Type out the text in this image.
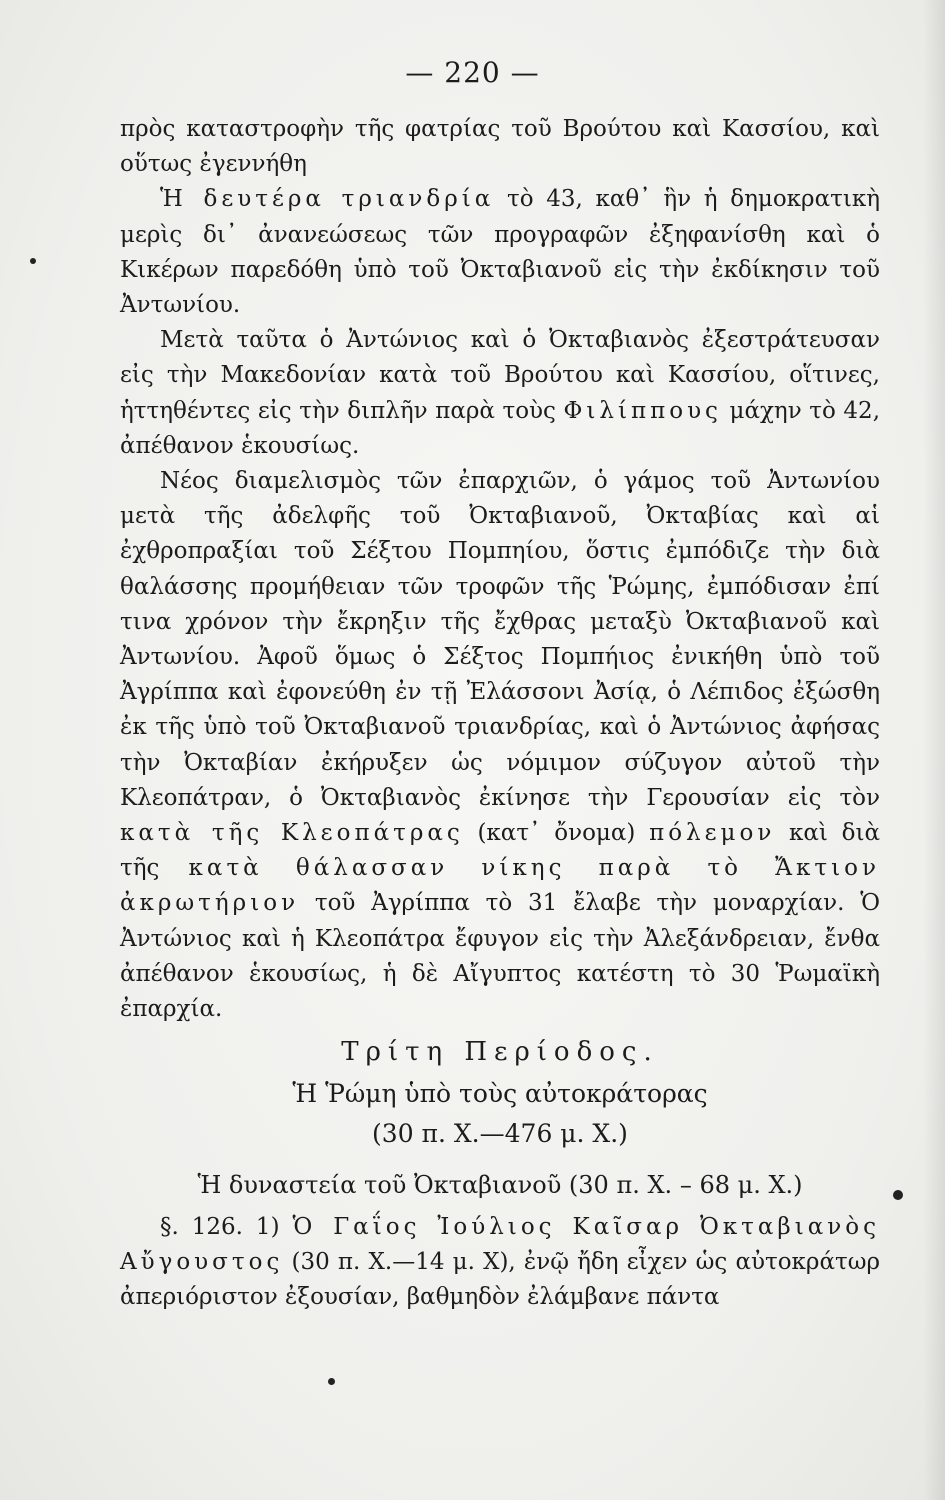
— 220 —

πρὸς καταστροφὴν τῆς φατρίας τοῦ Βρούτου καὶ Κασσίου, καὶ οὕτως ἐγεννήθη

Ἡ δευτέρα τριανδρία τὸ 43, καθ᾽ ἣν ἡ δημοκρατικὴ μερὶς δι᾽ ἀνανεώσεως τῶν προγραφῶν ἐξηφανίσθη καὶ ὁ Κικέρων παρεδόθη ὑπὸ τοῦ Ὀκταβιανοῦ εἰς τὴν ἐκδίκησιν τοῦ Ἀντωνίου.

Μετὰ ταῦτα ὁ Ἀντώνιος καὶ ὁ Ὀκταβιανὸς ἐξεστράτευσαν εἰς τὴν Μακεδονίαν κατὰ τοῦ Βρούτου καὶ Κασσίου, οἵτινες, ἡττηθέντες εἰς τὴν διπλῆν παρὰ τοὺς Φιλίππους μάχην τὸ 42, ἀπέθανον ἑκουσίως.

Νέος διαμελισμὸς τῶν ἐπαρχιῶν, ὁ γάμος τοῦ Ἀντωνίου μετὰ τῆς ἀδελφῆς τοῦ Ὀκταβιανοῦ, Ὀκταβίας καὶ αἱ ἐχθροπραξίαι τοῦ Σέξτου Πομπηίου, ὅστις ἐμπόδιζε τὴν διὰ θαλάσσης προμήθειαν τῶν τροφῶν τῆς Ῥώμης, ἐμπόδισαν ἐπί τινα χρόνον τὴν ἔκρηξιν τῆς ἔχθρας μεταξὺ Ὀκταβιανοῦ καὶ Ἀντωνίου. Ἀφοῦ ὅμως ὁ Σέξτος Πομπήιος ἐνικήθη ὑπὸ τοῦ Ἀγρίππα καὶ ἐφονεύθη ἐν τῇ Ἐλάσσονι Ἀσίᾳ, ὁ Λέπιδος ἐξώσθη ἐκ τῆς ὑπὸ τοῦ Ὀκταβιανοῦ τριανδρίας, καὶ ὁ Ἀντώνιος ἀφήσας τὴν Ὀκταβίαν ἐκήρυξεν ὡς νόμιμον σύζυγον αὐτοῦ τὴν Κλεοπάτραν, ὁ Ὀκταβιανὸς ἐκίνησε τὴν Γερουσίαν εἰς τὸν κατὰ τῆς Κλεοπάτρας (κατ᾽ ὄνομα) πόλεμον καὶ διὰ τῆς κατὰ θάλασσαν νίκης παρὰ τὸ Ἄκτιον ἀκρωτήριον τοῦ Ἀγρίππα τὸ 31 ἔλαβε τὴν μοναρχίαν. Ὁ Ἀντώνιος καὶ ἡ Κλεοπάτρα ἔφυγον εἰς τὴν Ἀλεξάνδρειαν, ἔνθα ἀπέθανον ἑκουσίως, ἡ δὲ Αἴγυπτος κατέστη τὸ 30 Ῥωμαϊκὴ ἐπαρχία.

Τρίτη Περίοδος.

Ἡ Ῥώμη ὑπὸ τοὺς αὐτοκράτορας

(30 π. Χ.—476 μ. Χ.)

Ἡ δυναστεία τοῦ Ὀκταβιανοῦ (30 π. Χ. – 68 μ. Χ.)

§. 126. 1) Ὁ Γαΐος Ἰούλιος Καῖσαρ Ὀκταβιανὸς Αὔγουστος (30 π. Χ.—14 μ. Χ), ἐνῷ ἤδη εἶχεν ὡς αὐτοκράτωρ ἀπεριόριστον ἐξουσίαν, βαθμηδὸν ἐλάμβανε πάντα
